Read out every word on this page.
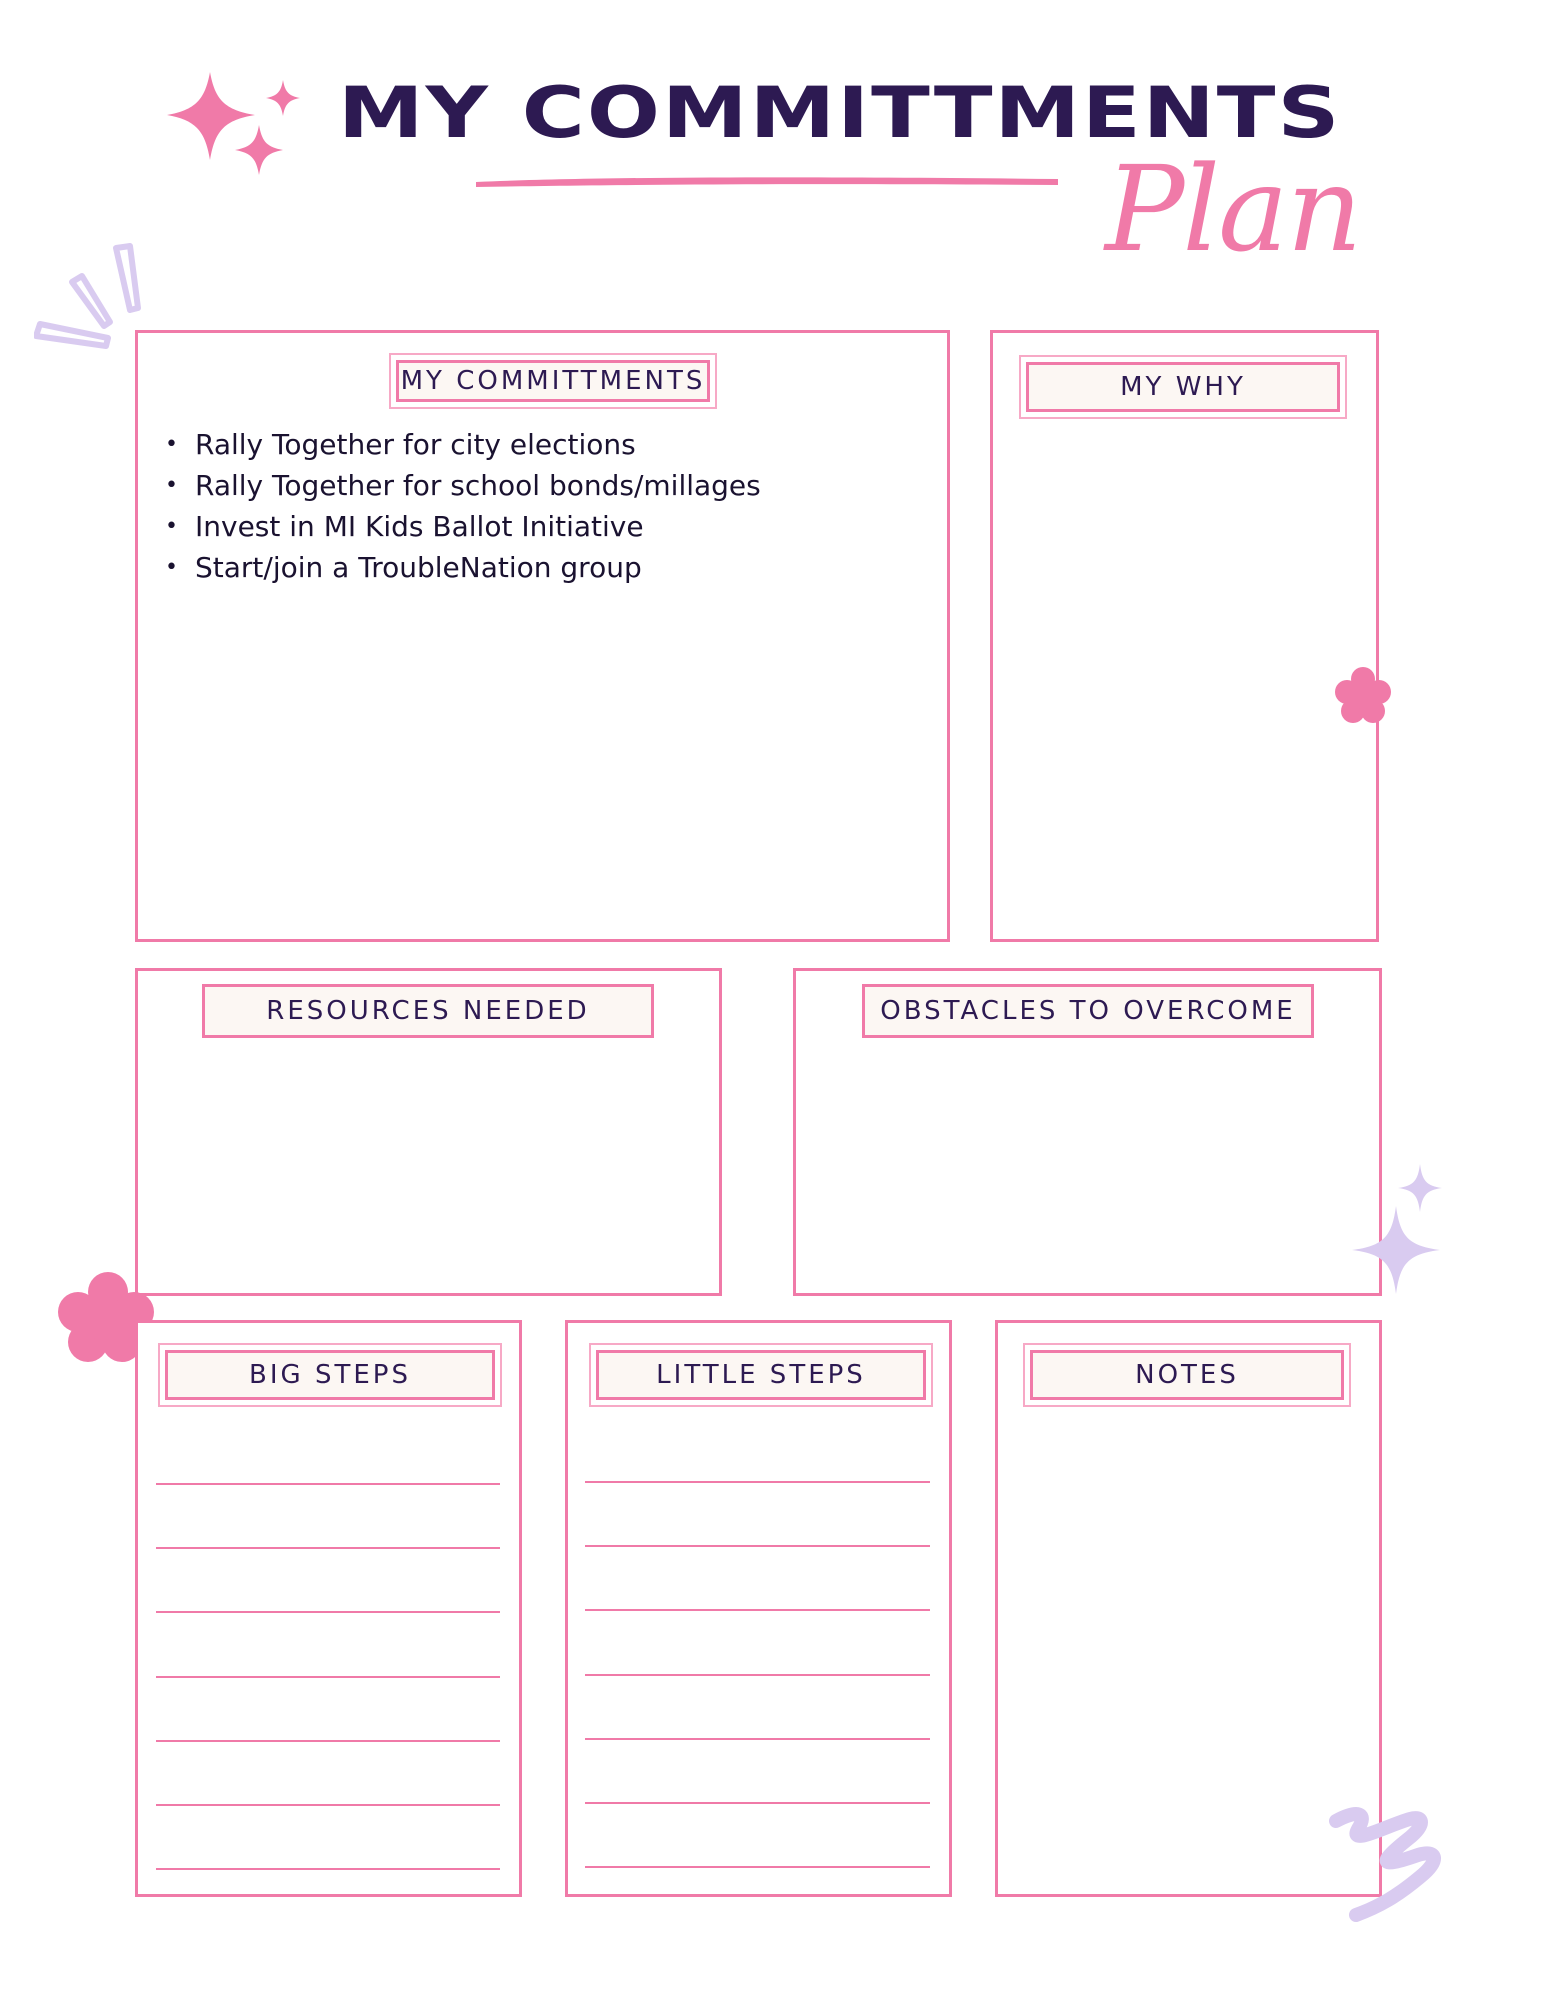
MY COMMITTMENTS
Plan
MY COMMITTMENTS
• Rally Together for city elections
• Rally Together for school bonds/millages
• Invest in MI Kids Ballot Initiative
• Start/join a TroubleNation group
MY WHY
RESOURCES NEEDED	OBSTACLES TO OVERCOME
BIG STEPS	LITTLE STEPS	NOTES
